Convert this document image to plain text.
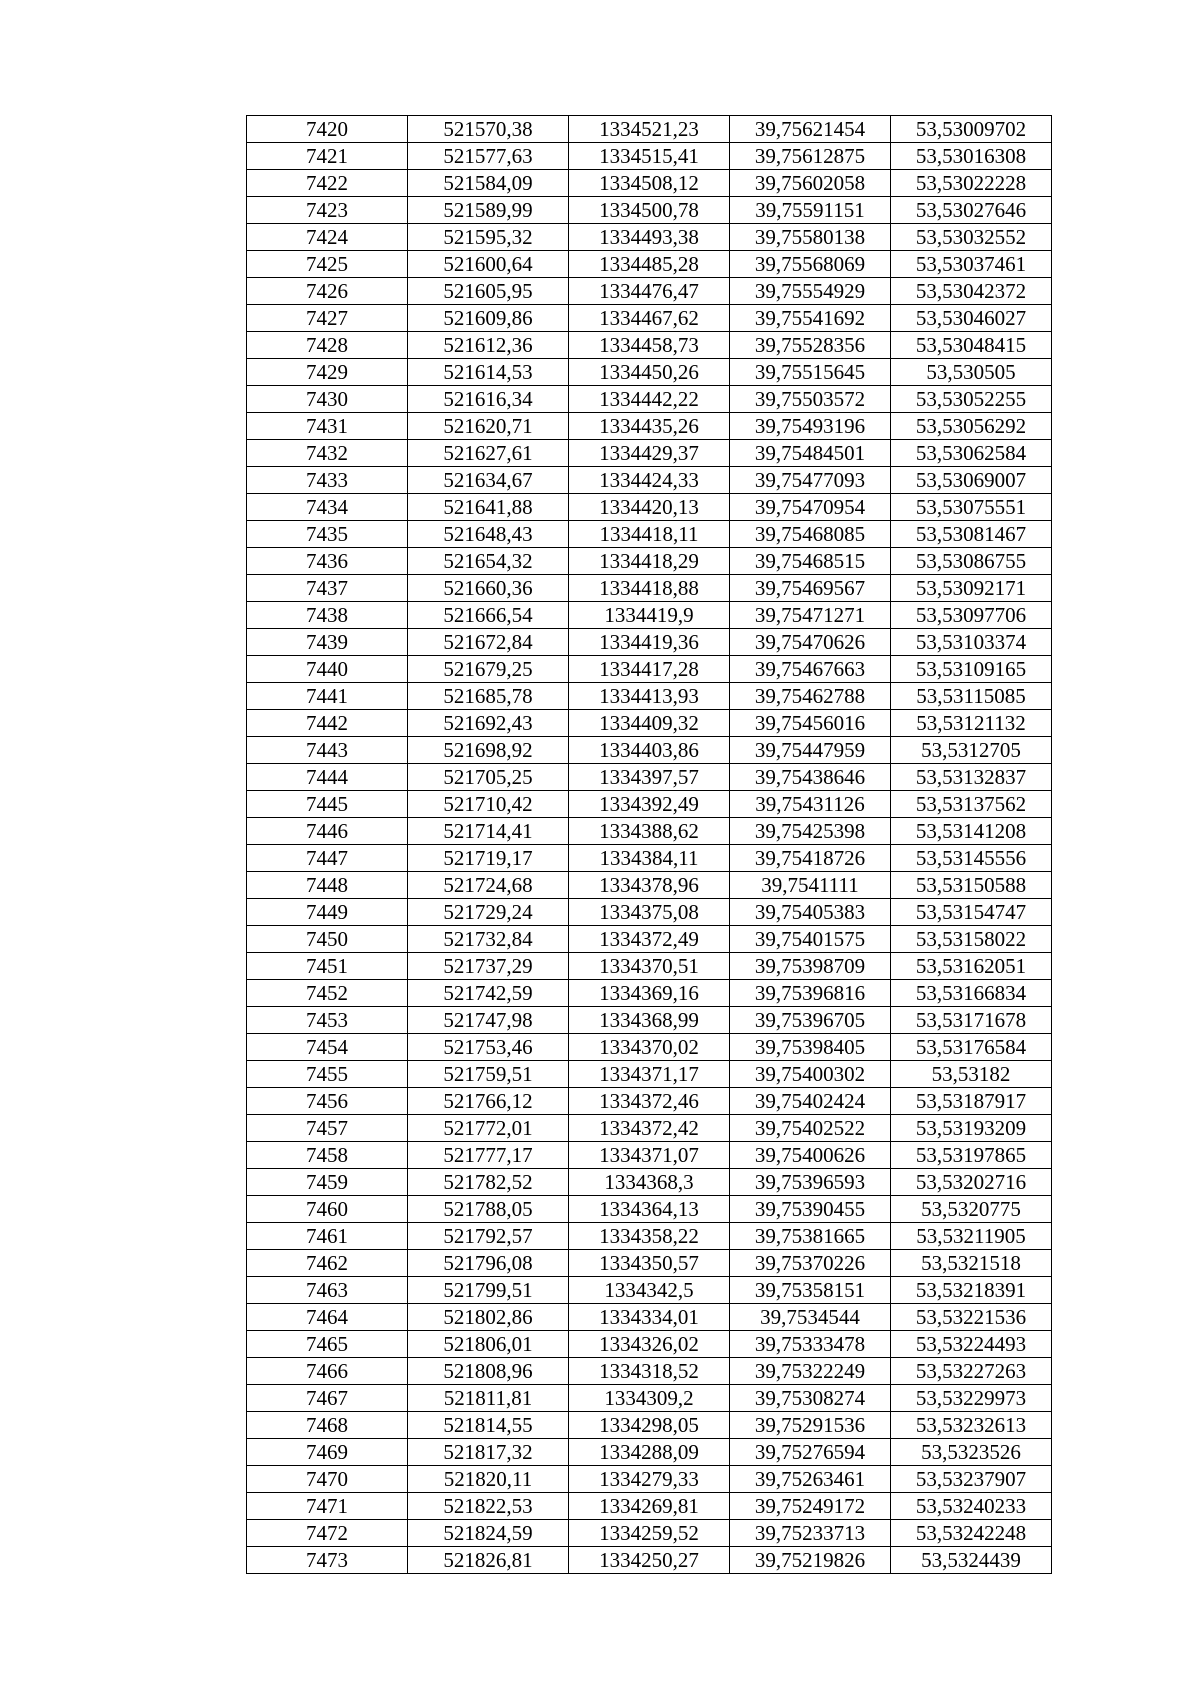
7420	521570,38	1334521,23	39,75621454	53,53009702
7421	521577,63	1334515,41	39,75612875	53,53016308
7422	521584,09	1334508,12	39,75602058	53,53022228
7423	521589,99	1334500,78	39,75591151	53,53027646
7424	521595,32	1334493,38	39,75580138	53,53032552
7425	521600,64	1334485,28	39,75568069	53,53037461
7426	521605,95	1334476,47	39,75554929	53,53042372
7427	521609,86	1334467,62	39,75541692	53,53046027
7428	521612,36	1334458,73	39,75528356	53,53048415
7429	521614,53	1334450,26	39,75515645	53,530505
7430	521616,34	1334442,22	39,75503572	53,53052255
7431	521620,71	1334435,26	39,75493196	53,53056292
7432	521627,61	1334429,37	39,75484501	53,53062584
7433	521634,67	1334424,33	39,75477093	53,53069007
7434	521641,88	1334420,13	39,75470954	53,53075551
7435	521648,43	1334418,11	39,75468085	53,53081467
7436	521654,32	1334418,29	39,75468515	53,53086755
7437	521660,36	1334418,88	39,75469567	53,53092171
7438	521666,54	1334419,9	39,75471271	53,53097706
7439	521672,84	1334419,36	39,75470626	53,53103374
7440	521679,25	1334417,28	39,75467663	53,53109165
7441	521685,78	1334413,93	39,75462788	53,53115085
7442	521692,43	1334409,32	39,75456016	53,53121132
7443	521698,92	1334403,86	39,75447959	53,5312705
7444	521705,25	1334397,57	39,75438646	53,53132837
7445	521710,42	1334392,49	39,75431126	53,53137562
7446	521714,41	1334388,62	39,75425398	53,53141208
7447	521719,17	1334384,11	39,75418726	53,53145556
7448	521724,68	1334378,96	39,7541111	53,53150588
7449	521729,24	1334375,08	39,75405383	53,53154747
7450	521732,84	1334372,49	39,75401575	53,53158022
7451	521737,29	1334370,51	39,75398709	53,53162051
7452	521742,59	1334369,16	39,75396816	53,53166834
7453	521747,98	1334368,99	39,75396705	53,53171678
7454	521753,46	1334370,02	39,75398405	53,53176584
7455	521759,51	1334371,17	39,75400302	53,53182
7456	521766,12	1334372,46	39,75402424	53,53187917
7457	521772,01	1334372,42	39,75402522	53,53193209
7458	521777,17	1334371,07	39,75400626	53,53197865
7459	521782,52	1334368,3	39,75396593	53,53202716
7460	521788,05	1334364,13	39,75390455	53,5320775
7461	521792,57	1334358,22	39,75381665	53,53211905
7462	521796,08	1334350,57	39,75370226	53,5321518
7463	521799,51	1334342,5	39,75358151	53,53218391
7464	521802,86	1334334,01	39,7534544	53,53221536
7465	521806,01	1334326,02	39,75333478	53,53224493
7466	521808,96	1334318,52	39,75322249	53,53227263
7467	521811,81	1334309,2	39,75308274	53,53229973
7468	521814,55	1334298,05	39,75291536	53,53232613
7469	521817,32	1334288,09	39,75276594	53,5323526
7470	521820,11	1334279,33	39,75263461	53,53237907
7471	521822,53	1334269,81	39,75249172	53,53240233
7472	521824,59	1334259,52	39,75233713	53,53242248
7473	521826,81	1334250,27	39,75219826	53,5324439
